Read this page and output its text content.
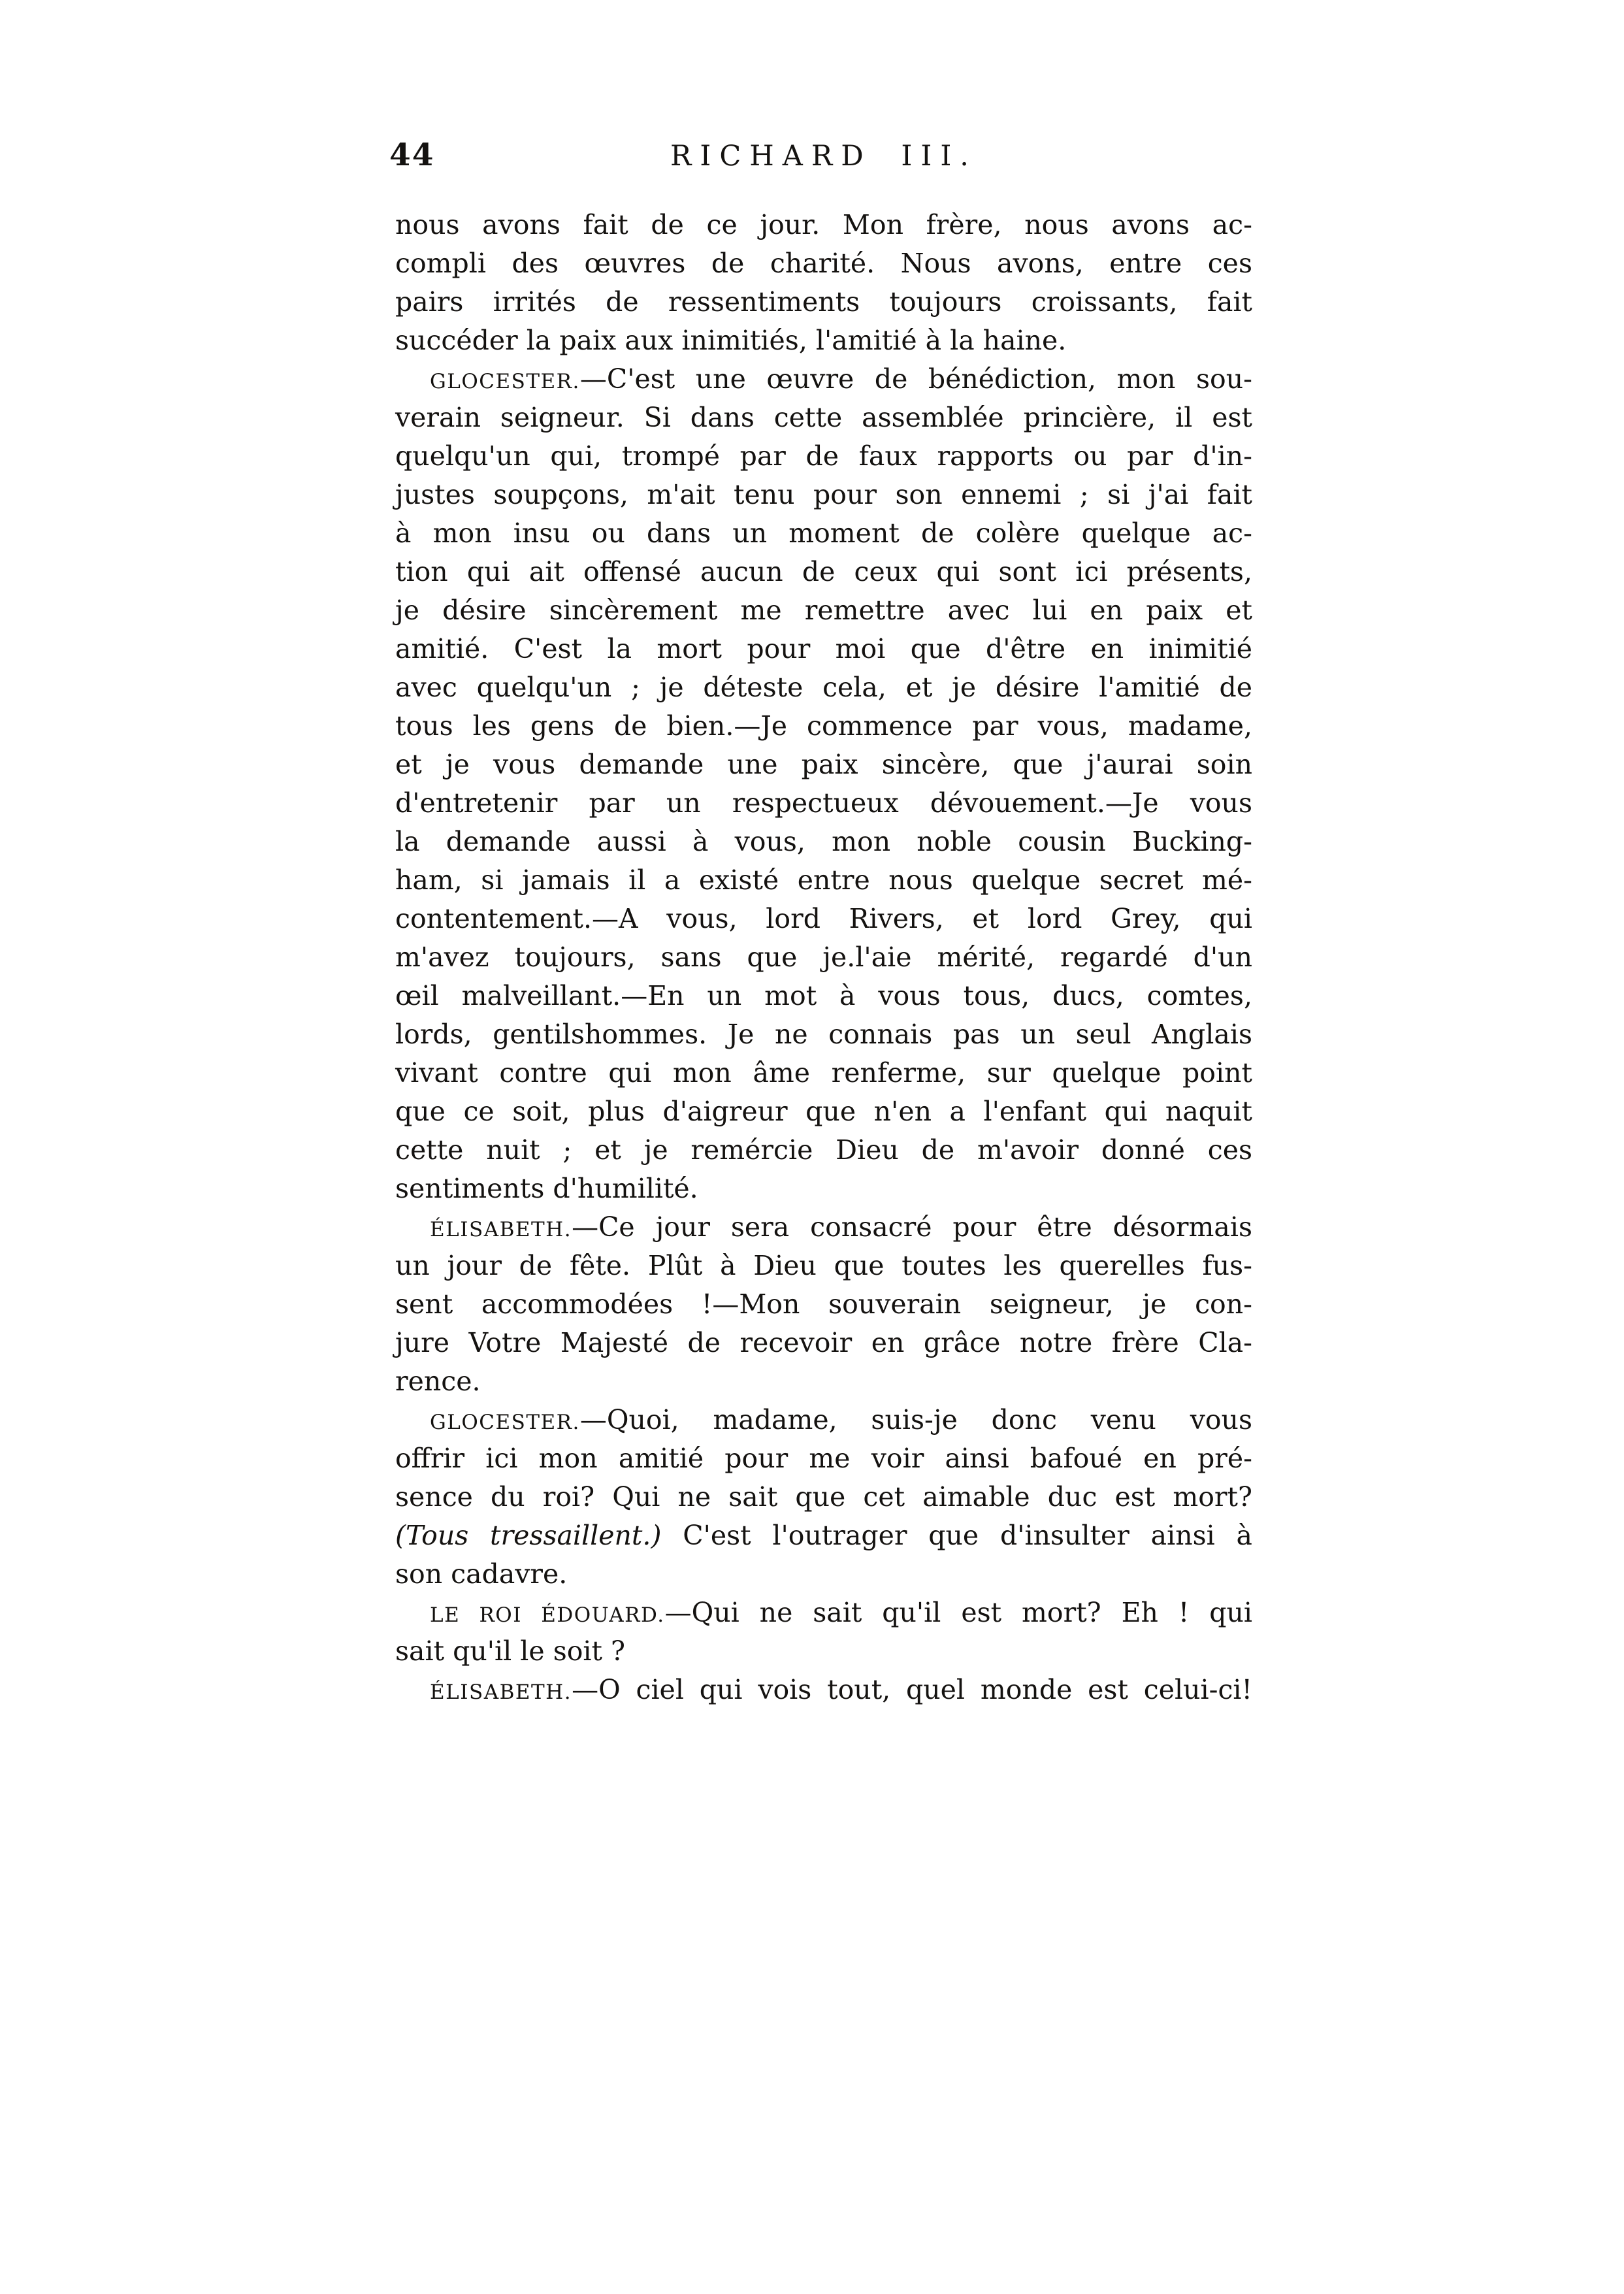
44	RICHARD III.
nous avons fait de ce jour. Mon frère, nous avons ac-
compli des œuvres de charité. Nous avons, entre ces
pairs irrités de ressentiments toujours croissants, fait
succéder la paix aux inimitiés, l'amitié à la haine.
GLOCESTER.—C'est une œuvre de bénédiction, mon sou-
verain seigneur. Si dans cette assemblée princière, il est
quelqu'un qui, trompé par de faux rapports ou par d'in-
justes soupçons, m'ait tenu pour son ennemi ; si j'ai fait
à mon insu ou dans un moment de colère quelque ac-
tion qui ait offensé aucun de ceux qui sont ici présents,
je désire sincèrement me remettre avec lui en paix et
amitié. C'est la mort pour moi que d'être en inimitié
avec quelqu'un ; je déteste cela, et je désire l'amitié de
tous les gens de bien.—Je commence par vous, madame,
et je vous demande une paix sincère, que j'aurai soin
d'entretenir par un respectueux dévouement.—Je vous
la demande aussi à vous, mon noble cousin Bucking-
ham, si jamais il a existé entre nous quelque secret mé-
contentement.—A vous, lord Rivers, et lord Grey, qui
m'avez toujours, sans que je.l'aie mérité, regardé d'un
œil malveillant.—En un mot à vous tous, ducs, comtes,
lords, gentilshommes. Je ne connais pas un seul Anglais
vivant contre qui mon âme renferme, sur quelque point
que ce soit, plus d'aigreur que n'en a l'enfant qui naquit
cette nuit ; et je remércie Dieu de m'avoir donné ces
sentiments d'humilité.
ÉLISABETH.—Ce jour sera consacré pour être désormais
un jour de fête. Plût à Dieu que toutes les querelles fus-
sent accommodées !—Mon souverain seigneur, je con-
jure Votre Majesté de recevoir en grâce notre frère Cla-
rence.
GLOCESTER.—Quoi, madame, suis-je donc venu vous
offrir ici mon amitié pour me voir ainsi bafoué en pré-
sence du roi? Qui ne sait que cet aimable duc est mort?
(Tous tressaillent.) C'est l'outrager que d'insulter ainsi à
son cadavre.
LE ROI ÉDOUARD.—Qui ne sait qu'il est mort? Eh ! qui
sait qu'il le soit ?
ÉLISABETH.—O ciel qui vois tout, quel monde est celui-ci!
